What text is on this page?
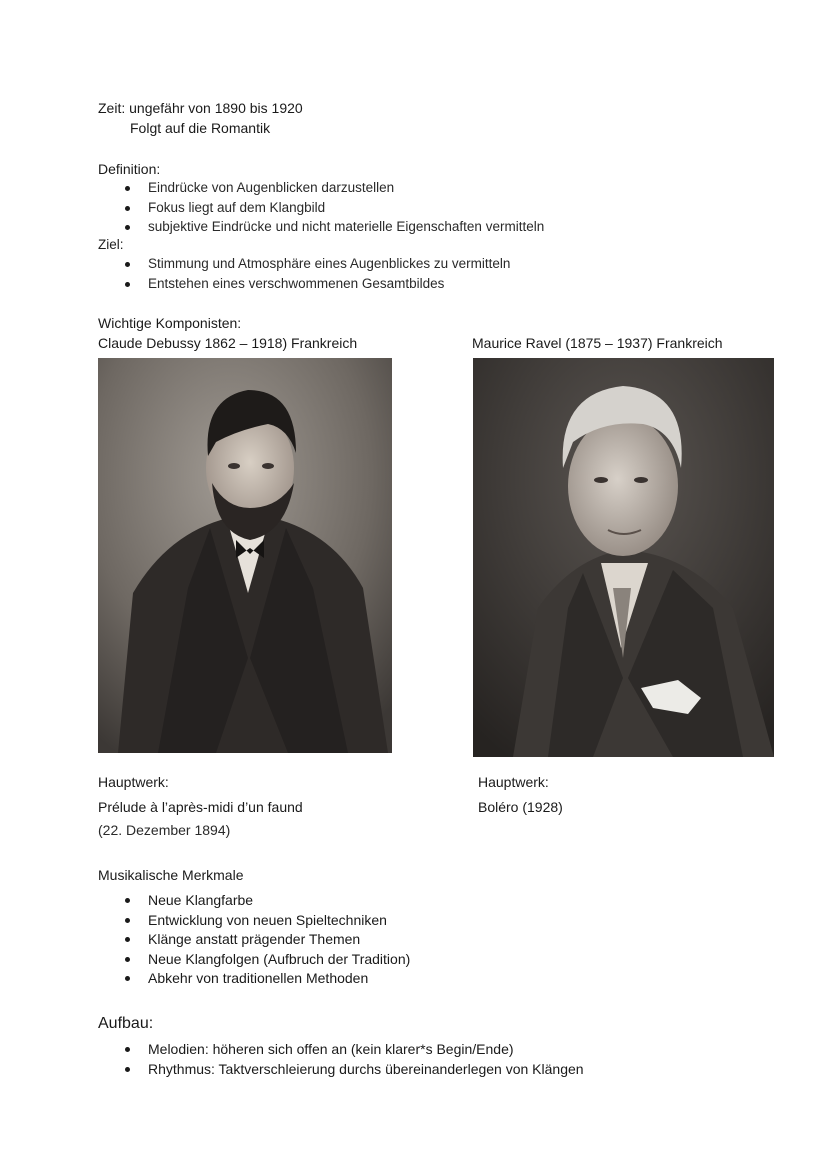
Zeit: ungefähr von 1890 bis 1920
Folgt auf die Romantik
Definition:
Eindrücke von Augenblicken darzustellen
Fokus liegt auf dem Klangbild
subjektive Eindrücke und nicht materielle Eigenschaften vermitteln
Ziel:
Stimmung und Atmosphäre eines Augenblickes zu vermitteln
Entstehen eines verschwommenen Gesamtbildes
Wichtige Komponisten:
Claude Debussy 1862 – 1918) Frankreich	Maurice Ravel (1875 – 1937) Frankreich
Hauptwerk:
Prélude à l’après-midi d’un faund
(22. Dezember 1894)
Hauptwerk:
Boléro (1928)
Musikalische Merkmale
Neue Klangfarbe
Entwicklung von neuen Spieltechniken
Klänge anstatt prägender Themen
Neue Klangfolgen (Aufbruch der Tradition)
Abkehr von traditionellen Methoden
Aufbau:
Melodien: höheren sich offen an (kein klarer*s Begin/Ende)
Rhythmus: Taktverschleierung durchs übereinanderlegen von Klängen
